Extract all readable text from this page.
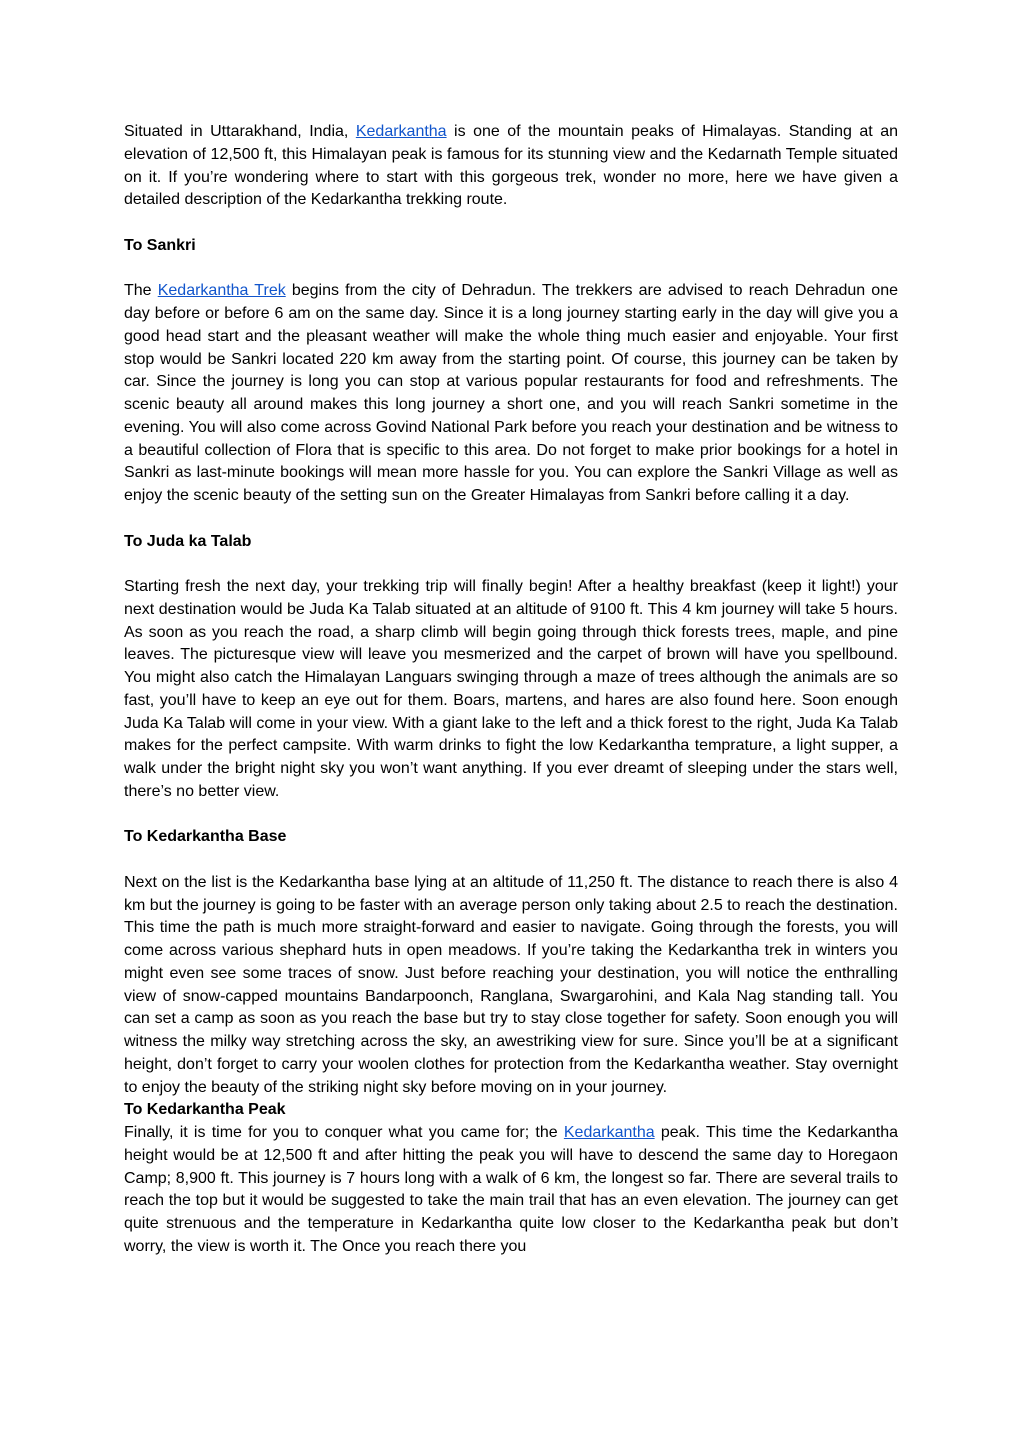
Situated in Uttarakhand, India, Kedarkantha is one of the mountain peaks of Himalayas. Standing at an elevation of 12,500 ft, this Himalayan peak is famous for its stunning view and the Kedarnath Temple situated on it. If you’re wondering where to start with this gorgeous trek, wonder no more, here we have given a detailed description of the Kedarkantha trekking route.

To Sankri

The Kedarkantha Trek begins from the city of Dehradun. The trekkers are advised to reach Dehradun one day before or before 6 am on the same day. Since it is a long journey starting early in the day will give you a good head start and the pleasant weather will make the whole thing much easier and enjoyable. Your first stop would be Sankri located 220 km away from the starting point. Of course, this journey can be taken by car. Since the journey is long you can stop at various popular restaurants for food and refreshments. The scenic beauty all around makes this long journey a short one, and you will reach Sankri sometime in the evening. You will also come across Govind National Park before you reach your destination and be witness to a beautiful collection of Flora that is specific to this area. Do not forget to make prior bookings for a hotel in Sankri as last-minute bookings will mean more hassle for you. You can explore the Sankri Village as well as enjoy the scenic beauty of the setting sun on the Greater Himalayas from Sankri before calling it a day.

To Juda ka Talab

Starting fresh the next day, your trekking trip will finally begin! After a healthy breakfast (keep it light!) your next destination would be Juda Ka Talab situated at an altitude of 9100 ft. This 4 km journey will take 5 hours. As soon as you reach the road, a sharp climb will begin going through thick forests trees, maple, and pine leaves. The picturesque view will leave you mesmerized and the carpet of brown will have you spellbound. You might also catch the Himalayan Languars swinging through a maze of trees although the animals are so fast, you’ll have to keep an eye out for them. Boars, martens, and hares are also found here. Soon enough Juda Ka Talab will come in your view. With a giant lake to the left and a thick forest to the right, Juda Ka Talab makes for the perfect campsite. With warm drinks to fight the low Kedarkantha temprature, a light supper, a walk under the bright night sky you won’t want anything. If you ever dreamt of sleeping under the stars well, there’s no better view.

To Kedarkantha Base

Next on the list is the Kedarkantha base lying at an altitude of 11,250 ft. The distance to reach there is also 4 km but the journey is going to be faster with an average person only taking about 2.5 to reach the destination. This time the path is much more straight-forward and easier to navigate. Going through the forests, you will come across various shephard huts in open meadows. If you’re taking the Kedarkantha trek in winters you might even see some traces of snow. Just before reaching your destination, you will notice the enthralling view of snow-capped mountains Bandarpoonch, Ranglana, Swargarohini, and Kala Nag standing tall. You can set a camp as soon as you reach the base but try to stay close together for safety. Soon enough you will witness the milky way stretching across the sky, an awestriking view for sure. Since you’ll be at a significant height, don’t forget to carry your woolen clothes for protection from the Kedarkantha weather. Stay overnight to enjoy the beauty of the striking night sky before moving on in your journey.

To Kedarkantha Peak

Finally, it is time for you to conquer what you came for; the Kedarkantha peak. This time the Kedarkantha height would be at 12,500 ft and after hitting the peak you will have to descend the same day to Horegaon Camp; 8,900 ft. This journey is 7 hours long with a walk of 6 km, the longest so far. There are several trails to reach the top but it would be suggested to take the main trail that has an even elevation. The journey can get quite strenuous and the temperature in Kedarkantha quite low closer to the Kedarkantha peak but don’t worry, the view is worth it. The Once you reach there you
